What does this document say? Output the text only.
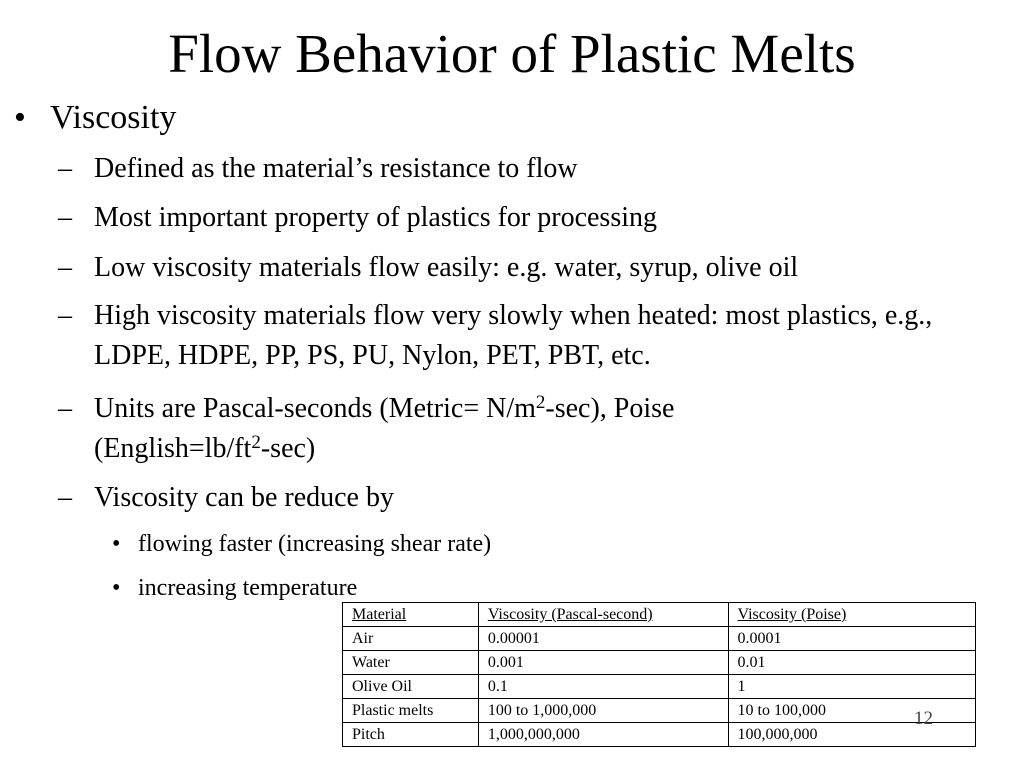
Flow Behavior of Plastic Melts
• Viscosity
– Defined as the material’s resistance to flow
– Most important property of plastics for processing
– Low viscosity materials flow easily: e.g. water, syrup, olive oil
– High viscosity materials flow very slowly when heated: most plastics, e.g., LDPE, HDPE, PP, PS, PU, Nylon, PET, PBT, etc.
– Units are Pascal-seconds (Metric= $N/m^2-\sec$), Poise $(English=lb/ft^2-\sec)$
– Viscosity can be reduce by
• flowing faster (increasing shear rate)
• increasing temperature
Material	Viscosity (Pascal-second)	Viscosity (Poise)
Air	0.00001	0.0001
Water	0.001	0.01
Olive Oil	0.1	1
Plastic melts	100 to 1,000,000	10 to 100,000
Pitch	1,000,000,000	100,000,000
12
